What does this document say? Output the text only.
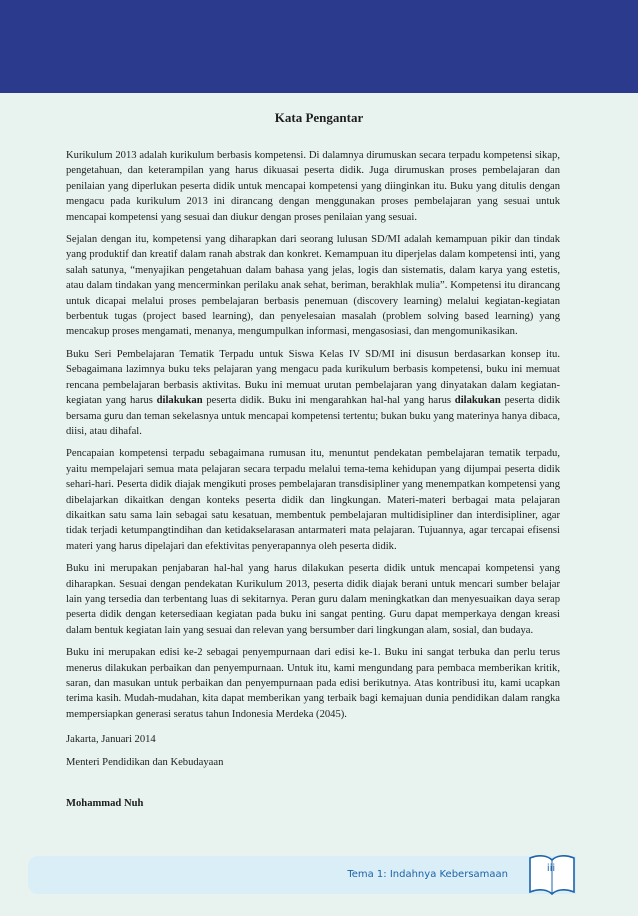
Kata Pengantar

Kurikulum 2013 adalah kurikulum berbasis kompetensi. Di dalamnya dirumuskan secara terpadu kompetensi sikap, pengetahuan, dan keterampilan yang harus dikuasai peserta didik. Juga dirumuskan proses pembelajaran dan penilaian yang diperlukan peserta didik untuk mencapai kompetensi yang diinginkan itu. Buku yang ditulis dengan mengacu pada kurikulum 2013 ini dirancang dengan menggunakan proses pembelajaran yang sesuai untuk mencapai kompetensi yang sesuai dan diukur dengan proses penilaian yang sesuai.

Sejalan dengan itu, kompetensi yang diharapkan dari seorang lulusan SD/MI adalah kemampuan pikir dan tindak yang produktif dan kreatif dalam ranah abstrak dan konkret. Kemampuan itu diperjelas dalam kompetensi inti, yang salah satunya, “menyajikan pengetahuan dalam bahasa yang jelas, logis dan sistematis, dalam karya yang estetis, atau dalam tindakan yang mencerminkan perilaku anak sehat, beriman, berakhlak mulia”. Kompetensi itu dirancang untuk dicapai melalui proses pembelajaran berbasis penemuan (discovery learning) melalui kegiatan-kegiatan berbentuk tugas (project based learning), dan penyelesaian masalah (problem solving based learning) yang mencakup proses mengamati, menanya, mengumpulkan informasi, mengasosiasi, dan mengomunikasikan.

Buku Seri Pembelajaran Tematik Terpadu untuk Siswa Kelas IV SD/MI ini disusun berdasarkan konsep itu. Sebagaimana lazimnya buku teks pelajaran yang mengacu pada kurikulum berbasis kompetensi, buku ini memuat rencana pembelajaran berbasis aktivitas. Buku ini memuat urutan pembelajaran yang dinyatakan dalam kegiatan-kegiatan yang harus dilakukan peserta didik. Buku ini mengarahkan hal-hal yang harus dilakukan peserta didik bersama guru dan teman sekelasnya untuk mencapai kompetensi tertentu; bukan buku yang materinya hanya dibaca, diisi, atau dihafal.

Pencapaian kompetensi terpadu sebagaimana rumusan itu, menuntut pendekatan pembelajaran tematik terpadu, yaitu mempelajari semua mata pelajaran secara terpadu melalui tema-tema kehidupan yang dijumpai peserta didik sehari-hari. Peserta didik diajak mengikuti proses pembelajaran transdisipliner yang menempatkan kompetensi yang dibelajarkan dikaitkan dengan konteks peserta didik dan lingkungan. Materi-materi berbagai mata pelajaran dikaitkan satu sama lain sebagai satu kesatuan, membentuk pembelajaran multidisipliner dan interdisipliner, agar tidak terjadi ketumpangtindihan dan ketidakselarasan antarmateri mata pelajaran. Tujuannya, agar tercapai efisensi materi yang harus dipelajari dan efektivitas penyerapannya oleh peserta didik.

Buku ini merupakan penjabaran hal-hal yang harus dilakukan peserta didik untuk mencapai kompetensi yang diharapkan. Sesuai dengan pendekatan Kurikulum 2013, peserta didik diajak berani untuk mencari sumber belajar lain yang tersedia dan terbentang luas di sekitarnya. Peran guru dalam meningkatkan dan menyesuaikan daya serap peserta didik dengan ketersediaan kegiatan pada buku ini sangat penting. Guru dapat memperkaya dengan kreasi dalam bentuk kegiatan lain yang sesuai dan relevan yang bersumber dari lingkungan alam, sosial, dan budaya.

Buku ini merupakan edisi ke-2 sebagai penyempurnaan dari edisi ke-1. Buku ini sangat terbuka dan perlu terus menerus dilakukan perbaikan dan penyempurnaan. Untuk itu, kami mengundang para pembaca memberikan kritik, saran, dan masukan untuk perbaikan dan penyempurnaan pada edisi berikutnya. Atas kontribusi itu, kami ucapkan terima kasih. Mudah-mudahan, kita dapat memberikan yang terbaik bagi kemajuan dunia pendidikan dalam rangka mempersiapkan generasi seratus tahun Indonesia Merdeka (2045).

Jakarta, Januari 2014

Menteri Pendidikan dan Kebudayaan

Mohammad Nuh

Tema 1: Indahnya Kebersamaan
iii
